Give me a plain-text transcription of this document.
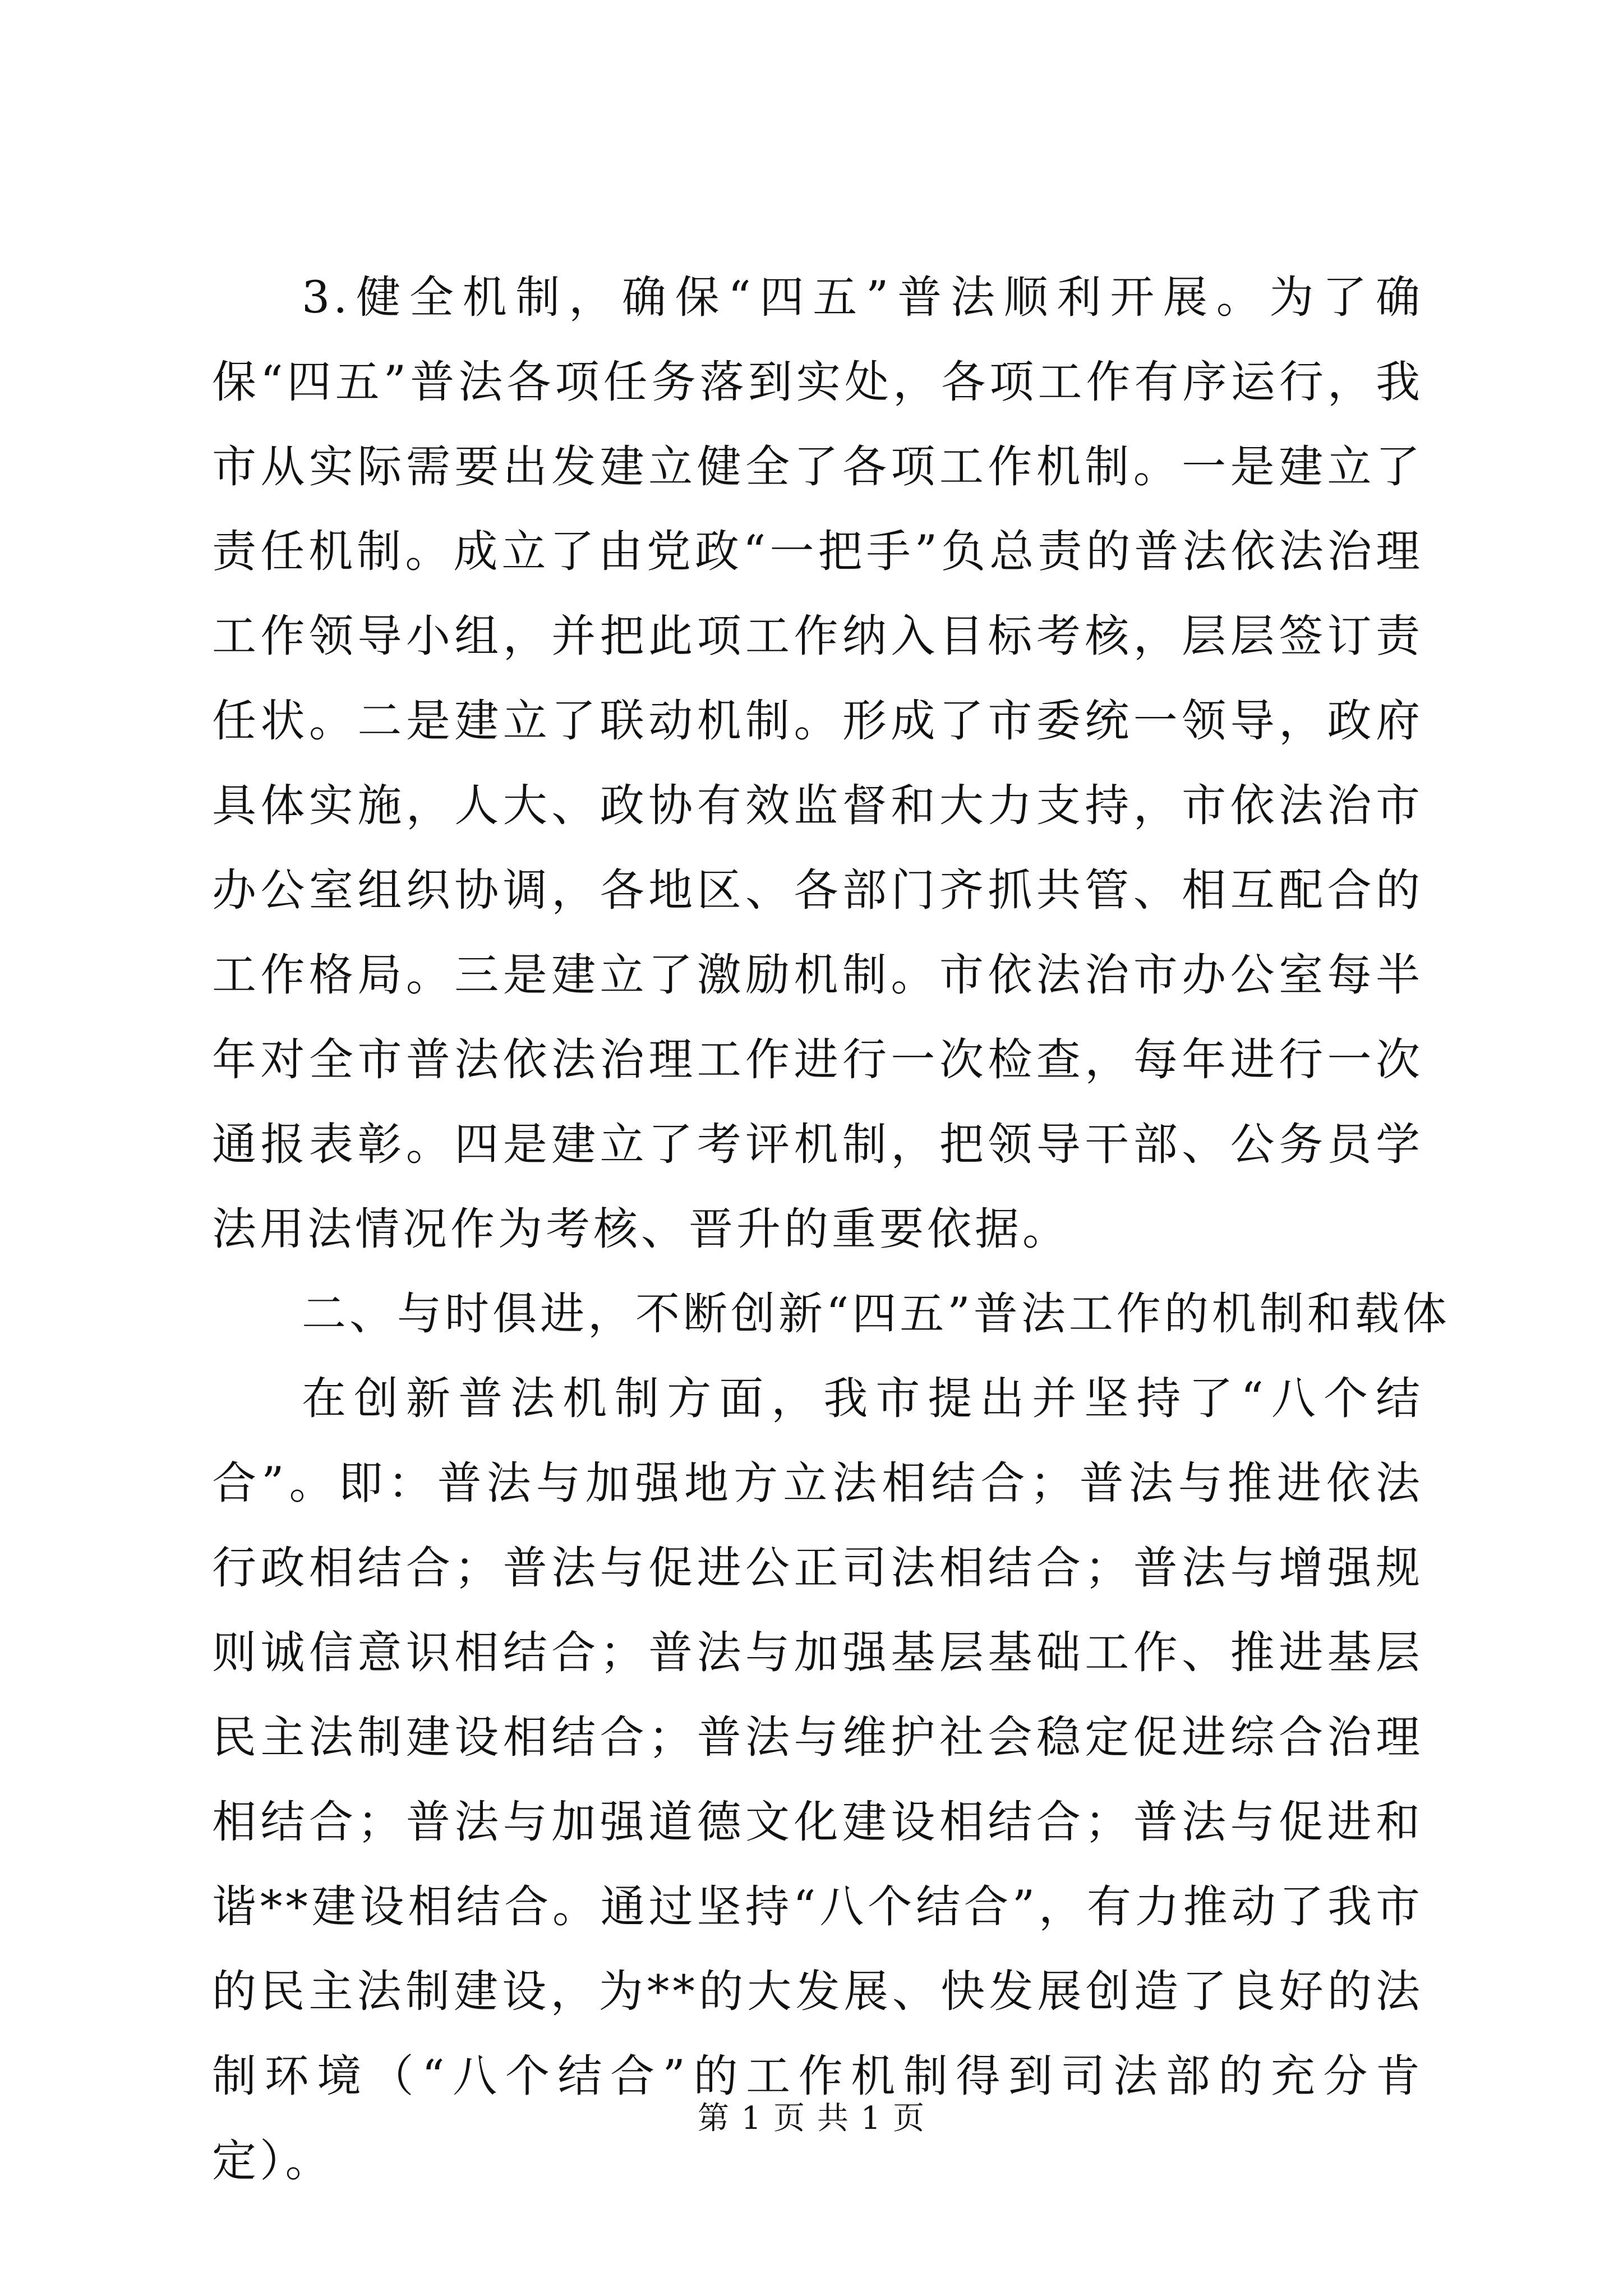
3.健全机制，确保“四五”普法顺利开展。为了确保“四五”普法各项任务落到实处，各项工作有序运行，我市从实际需要出发建立健全了各项工作机制。一是建立了责任机制。成立了由党政“一把手”负总责的普法依法治理工作领导小组，并把此项工作纳入目标考核，层层签订责任状。二是建立了联动机制。形成了市委统一领导，政府具体实施，人大、政协有效监督和大力支持，市依法治市办公室组织协调，各地区、各部门齐抓共管、相互配合的工作格局。三是建立了激励机制。市依法治市办公室每半年对全市普法依法治理工作进行一次检查，每年进行一次通报表彰。四是建立了考评机制，把领导干部、公务员学法用法情况作为考核、晋升的重要依据。

二、与时俱进，不断创新“四五”普法工作的机制和载体

在创新普法机制方面，我市提出并坚持了“八个结合”。即：普法与加强地方立法相结合；普法与推进依法行政相结合；普法与促进公正司法相结合；普法与增强规则诚信意识相结合；普法与加强基层基础工作、推进基层民主法制建设相结合；普法与维护社会稳定促进综合治理相结合；普法与加强道德文化建设相结合；普法与促进和谐**建设相结合。通过坚持“八个结合”，有力推动了我市的民主法制建设，为**的大发展、快发展创造了良好的法制环境（“八个结合”的工作机制得到司法部的充分肯定）。

第 1 页 共 1 页
